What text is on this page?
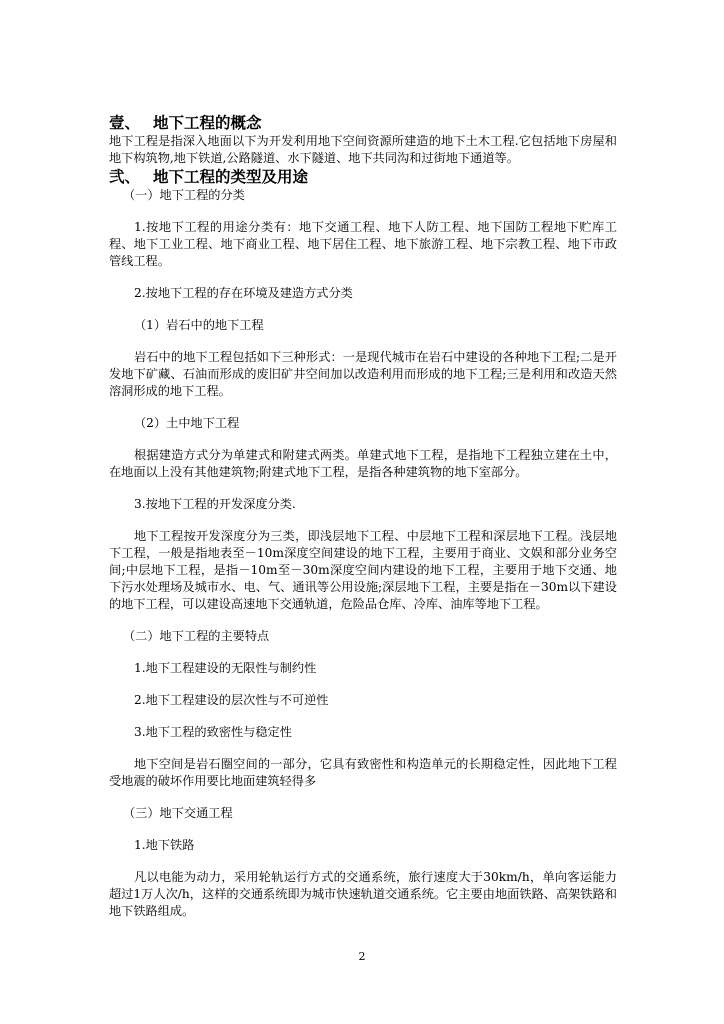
壹、 地下工程的概念

地下工程是指深入地面以下为开发利用地下空间资源所建造的地下土木工程.它包括地下房屋和地下构筑物,地下铁道,公路隧道、水下隧道、地下共同沟和过街地下通道等。

弐、 地下工程的类型及用途

（一）地下工程的分类

1.按地下工程的用途分类有：地下交通工程、地下人防工程、地下国防工程地下贮库工程、地下工业工程、地下商业工程、地下居住工程、地下旅游工程、地下宗教工程、地下市政管线工程。

2.按地下工程的存在环境及建造方式分类

（1）岩石中的地下工程

岩石中的地下工程包括如下三种形式：一是现代城市在岩石中建设的各种地下工程;二是开发地下矿藏、石油而形成的废旧矿井空间加以改造利用而形成的地下工程;三是利用和改造天然溶洞形成的地下工程。

（2）土中地下工程

根据建造方式分为单建式和附建式两类。单建式地下工程，是指地下工程独立建在土中，在地面以上没有其他建筑物;附建式地下工程，是指各种建筑物的地下室部分。

3.按地下工程的开发深度分类.

地下工程按开发深度分为三类，即浅层地下工程、中层地下工程和深层地下工程。浅层地下工程，一般是指地表至－10m深度空间建设的地下工程，主要用于商业、文娱和部分业务空间;中层地下工程，是指－10m至－30m深度空间内建设的地下工程，主要用于地下交通、地下污水处理场及城市水、电、气、通讯等公用设施;深层地下工程，主要是指在－30m以下建设的地下工程，可以建设高速地下交通轨道，危险品仓库、冷库、油库等地下工程。

（二）地下工程的主要特点

1.地下工程建设的无限性与制约性

2.地下工程建设的层次性与不可逆性

3.地下工程的致密性与稳定性

地下空间是岩石圈空间的一部分，它具有致密性和构造单元的长期稳定性，因此地下工程受地震的破坏作用要比地面建筑轻得多

（三）地下交通工程

1.地下铁路

凡以电能为动力，采用轮轨运行方式的交通系统，旅行速度大于30km/h，单向客运能力超过1万人次/h，这样的交通系统即为城市快速轨道交通系统。它主要由地面铁路、高架铁路和地下铁路组成。

2
